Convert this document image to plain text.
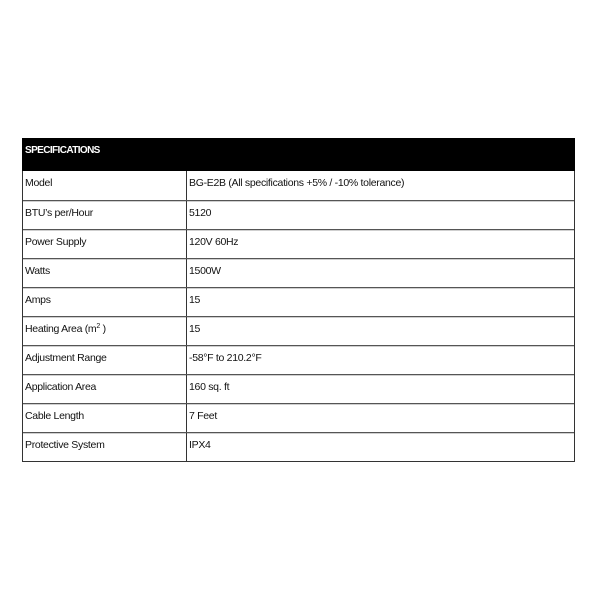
SPECIFICATIONS
Model	BG-E2B (All specifications +5% / -10% tolerance)
BTU’s per/Hour	5120
Power Supply	120V 60Hz
Watts	1500W
Amps	15
Heating Area ($m^2$ )	15
Adjustment Range	-58°F to 210.2°F
Application Area	160 sq. ft
Cable Length	7 Feet
Protective System	IPX4
